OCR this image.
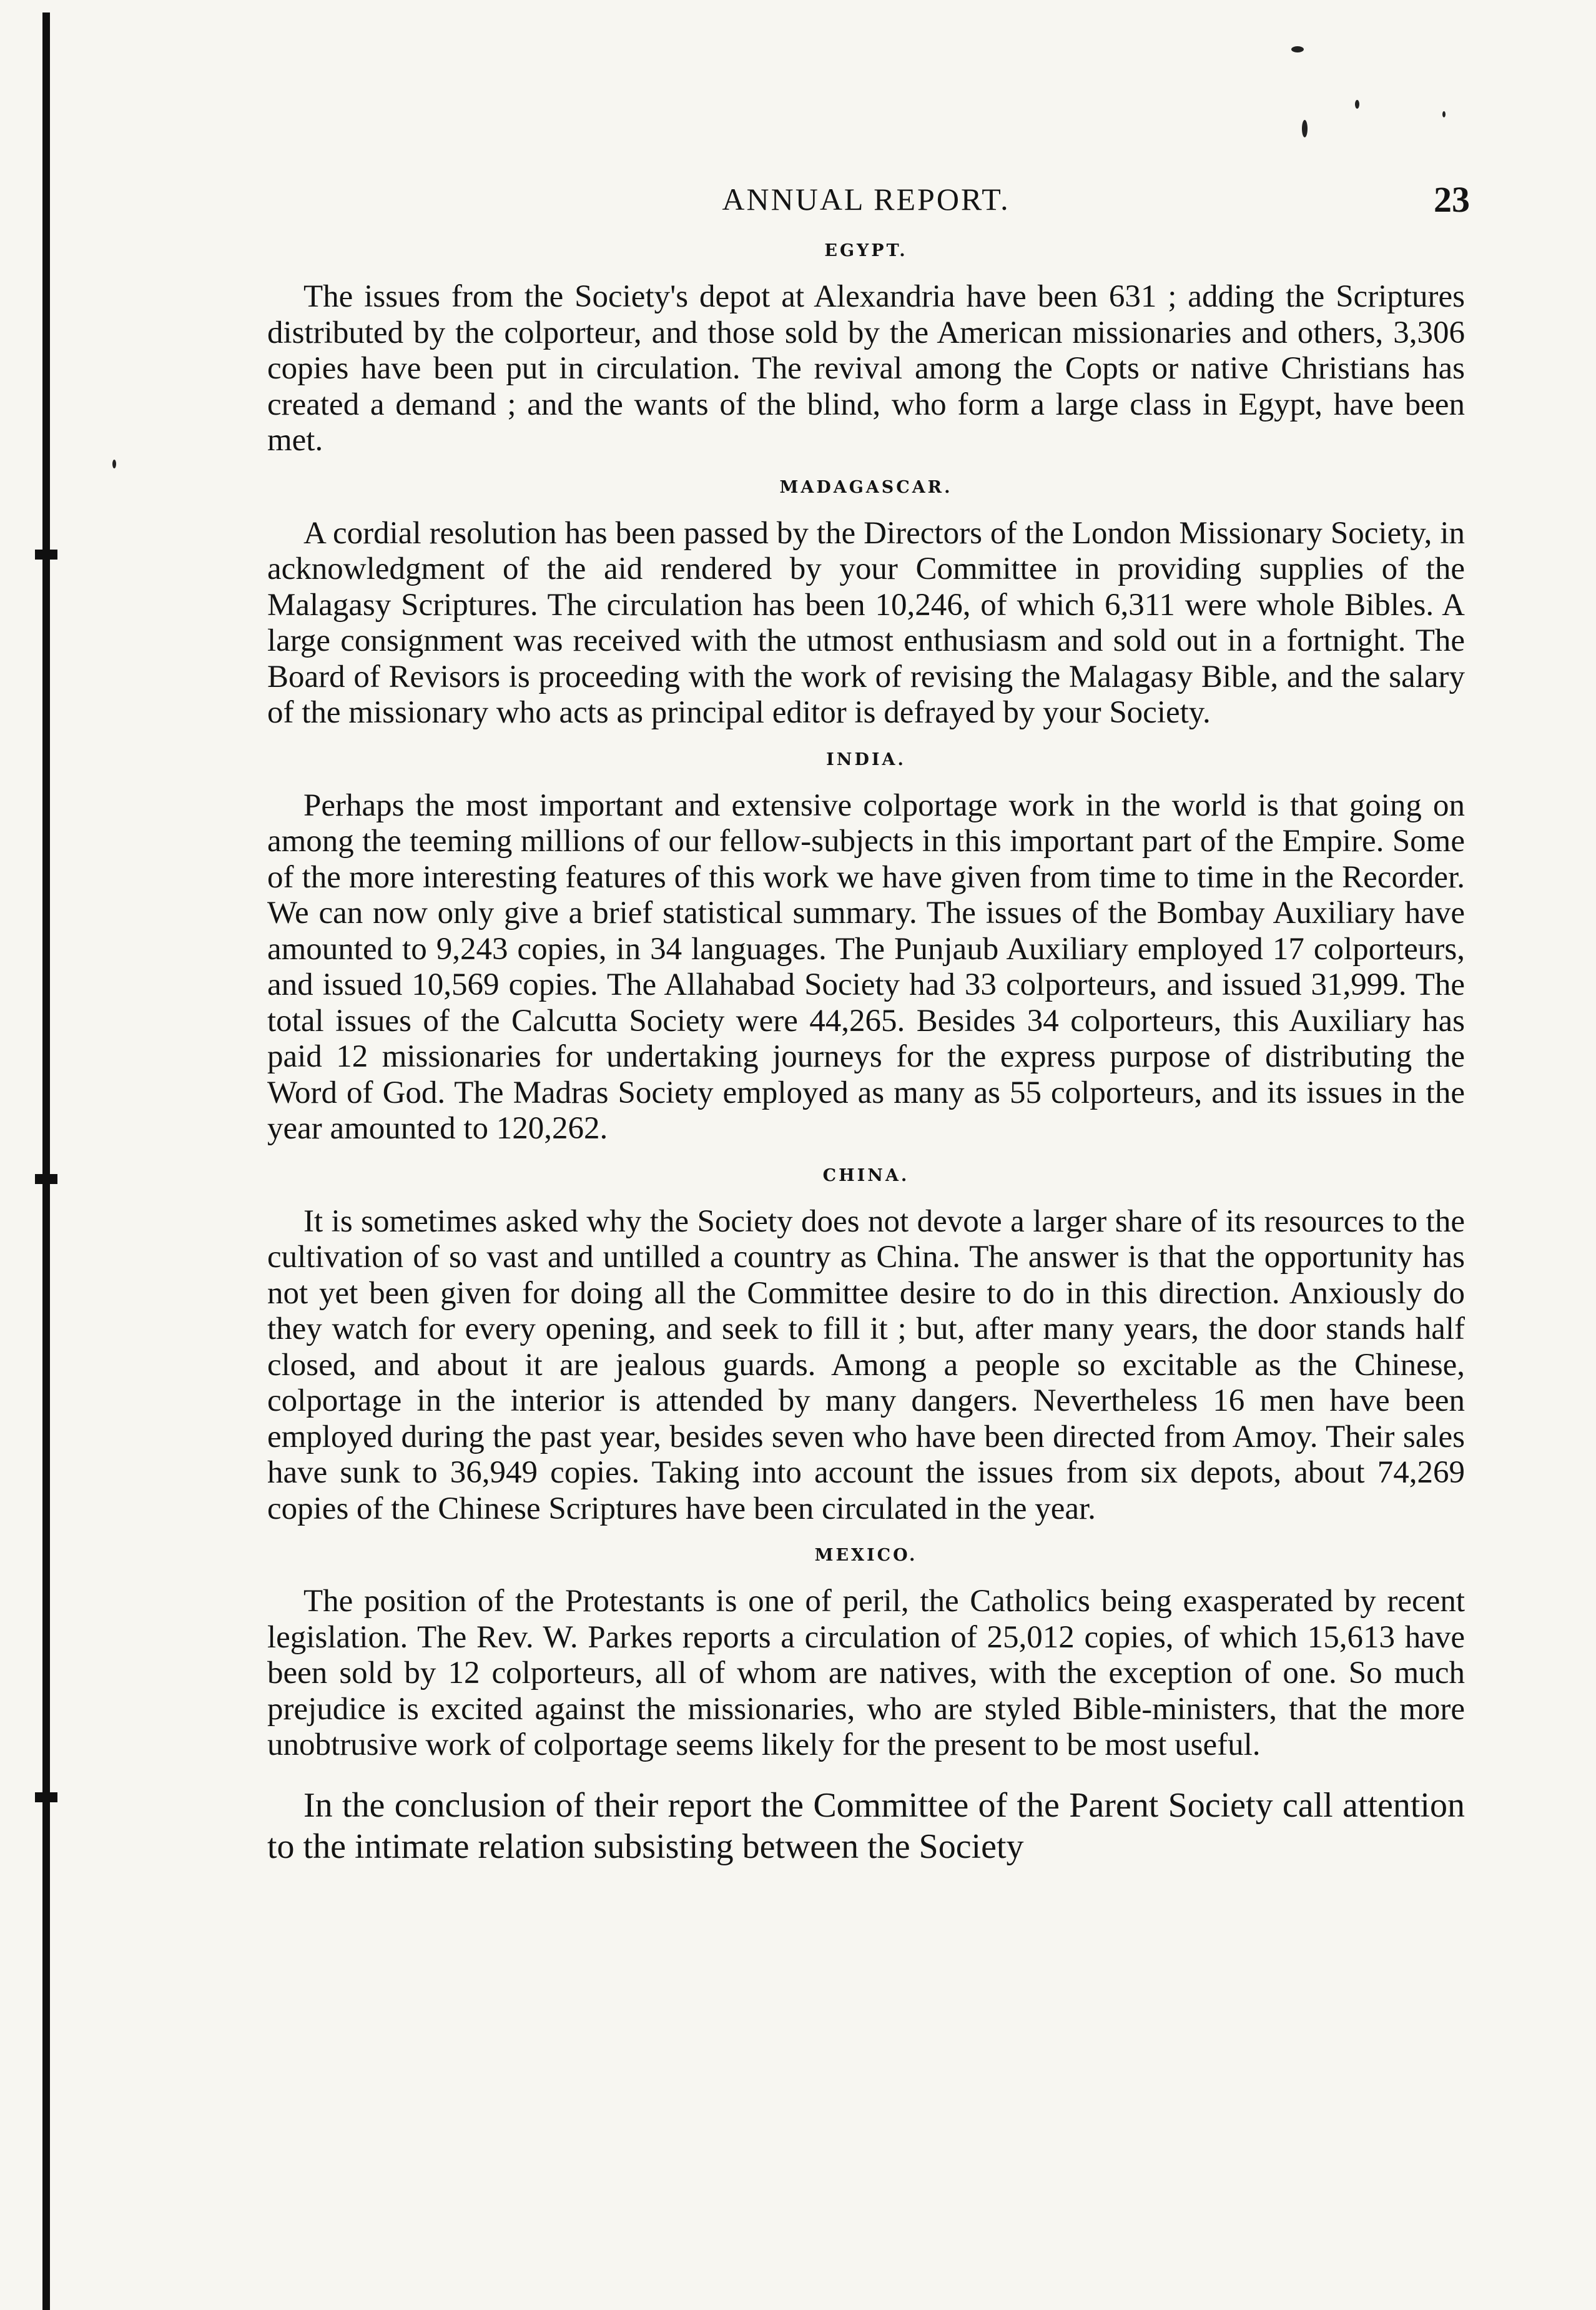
ANNUAL REPORT.	23
EGYPT.

The issues from the Society's depot at Alexandria have been 631 ; adding the Scriptures distributed by the colporteur, and those sold by the American missionaries and others, 3,306 copies have been put in circulation. The revival among the Copts or native Christians has created a demand ; and the wants of the blind, who form a large class in Egypt, have been met.

MADAGASCAR.

A cordial resolution has been passed by the Directors of the London Missionary Society, in acknowledgment of the aid rendered by your Committee in providing supplies of the Malagasy Scriptures. The circulation has been 10,246, of which 6,311 were whole Bibles. A large consignment was received with the utmost enthusiasm and sold out in a fortnight. The Board of Revisors is proceeding with the work of revising the Malagasy Bible, and the salary of the missionary who acts as principal editor is defrayed by your Society.

INDIA.

Perhaps the most important and extensive colportage work in the world is that going on among the teeming millions of our fellow-subjects in this important part of the Empire. Some of the more interesting features of this work we have given from time to time in the Recorder. We can now only give a brief statistical summary. The issues of the Bombay Auxiliary have amounted to 9,243 copies, in 34 languages. The Punjaub Auxiliary employed 17 colporteurs, and issued 10,569 copies. The Allahabad Society had 33 colporteurs, and issued 31,999. The total issues of the Calcutta Society were 44,265. Besides 34 colporteurs, this Auxiliary has paid 12 missionaries for undertaking journeys for the express purpose of distributing the Word of God. The Madras Society employed as many as 55 colporteurs, and its issues in the year amounted to 120,262.

CHINA.

It is sometimes asked why the Society does not devote a larger share of its resources to the cultivation of so vast and untilled a country as China. The answer is that the opportunity has not yet been given for doing all the Committee desire to do in this direction. Anxiously do they watch for every opening, and seek to fill it ; but, after many years, the door stands half closed, and about it are jealous guards. Among a people so excitable as the Chinese, colportage in the interior is attended by many dangers. Nevertheless 16 men have been employed during the past year, besides seven who have been directed from Amoy. Their sales have sunk to 36,949 copies. Taking into account the issues from six depots, about 74,269 copies of the Chinese Scriptures have been circulated in the year.

MEXICO.

The position of the Protestants is one of peril, the Catholics being exasperated by recent legislation. The Rev. W. Parkes reports a circulation of 25,012 copies, of which 15,613 have been sold by 12 colporteurs, all of whom are natives, with the exception of one. So much prejudice is excited against the missionaries, who are styled Bible-ministers, that the more unobtrusive work of colportage seems likely for the present to be most useful.

In the conclusion of their report the Committee of the Parent Society call attention to the intimate relation subsisting between the Society
